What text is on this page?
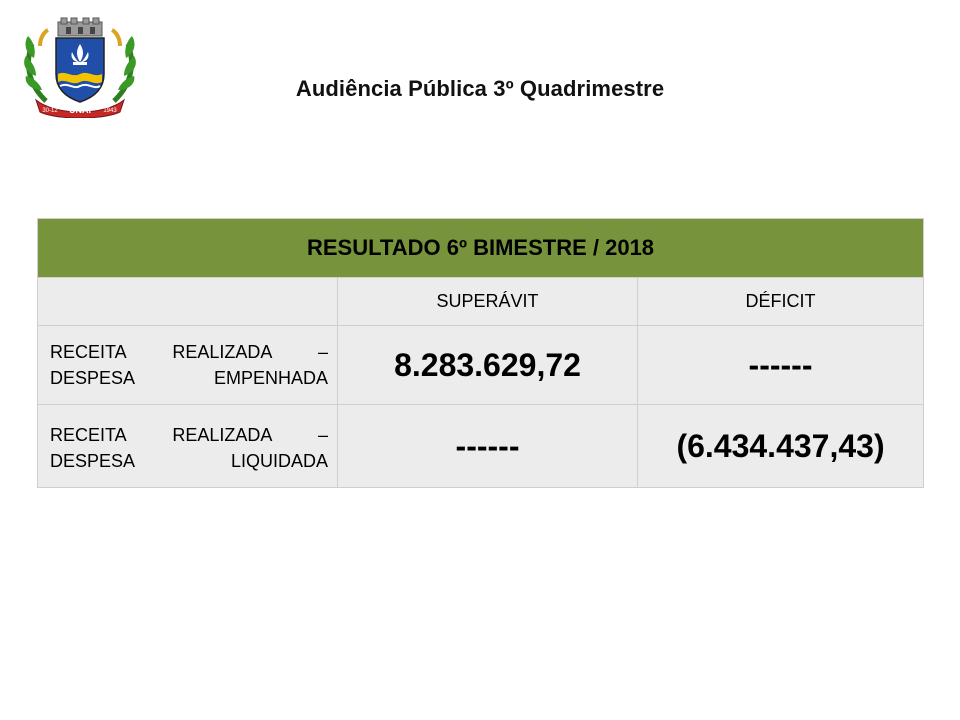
UNAÍ
30-12	1943
Audiência Pública 3º Quadrimestre
RESULTADO 6º BIMESTRE / 2018		
	SUPERÁVIT	DÉFICIT

RECEITA REALIZADA –
DESPESA EMPENHADA	8.283.629,72	------

RECEITA REALIZADA –
DESPESA LIQUIDADA	------	(6.434.437,43)
